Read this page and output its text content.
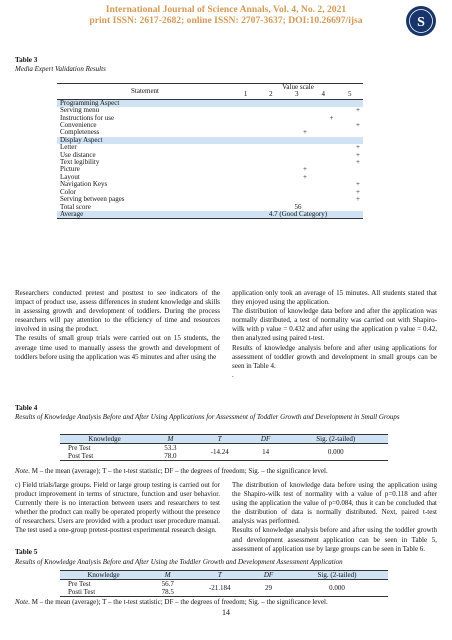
International Journal of Science Annals, Vol. 4, No. 2, 2021
print ISSN: 2617-2682; online ISSN: 2707-3637; DOI:10.26697/ijsa	S
Table 3
Media Expert Validation Results
Statement	Value scale				
	1	2	3	4	5
Programming Aspect					
Serving menu					+
Instructions for use				+	
Convenience					+
Completeness			+		
Display Aspect					
Letter					+
Use distance					+
Text legibility					+
Picture			+		
Layout			+		
Navigation Keys					+
Color					+
Serving between pages					+
Total score	56				
Average	4.7 (Good Category)				

Researchers conducted pretest and posttest to see indicators of the impact of product use, assess differences in student knowledge and skills in assessing growth and development of toddlers. During the process researchers will pay attention to the efficiency of time and resources involved in using the product.
The results of small group trials were carried out on 15 students, the average time used to manually assess the growth and development of toddlers before using the application was 45 minutes and after using the

application only took an average of 15 minutes. All students stated that they enjoyed using the application.
The distribution of knowledge data before and after the application was normally distributed, a test of normality was carried out with Shapiro-wilk with p value = 0.432 and after using the application p value = 0.42, then analyzed using paired t-test.
Results of knowledge analysis before and after using applications for assessment of toddler growth and development in small groups can be seen in Table 4.
.

Table 4
Results of Knowledge Analysis Before and After Using Applications for Assessment of Toddler Growth and Development in Small Groups
Knowledge	M	T	DF	Sig. (2-tailed)
Pre Test	53.3	-14.24	14	0.000
Post Test	78.0			
Note. M – the mean (average); T – the t-test statistic; DF – the degrees of freedom; Sig. – the significance level.

c) Field trials/large groups. Field or large group testing is carried out for product improvement in terms of structure, function and user behavior. Currently there is no interaction between users and researchers to test whether the product can really be operated properly without the presence of researchers. Users are provided with a product user procedure manual. The test used a one-group pretest-posttest experimental research design.

The distribution of knowledge data before using the application using the Shapiro-wilk test of normality with a value of p=0.118 and after using the application the value of p=0.084, thus it can be concluded that the distribution of data is normally distributed. Next, paired t-test analysis was performed.
Results of knowledge analysis before and after using the toddler growth and development assessment application can be seen in Table 5, assessment of application use by large groups can be seen in Table 6.

Table 5
Results of Knowledge Analysis Before and After Using the Toddler Growth and Development Assessment Application
Knowledge	M	T	DF	Sig. (2-tailed)
Pre Test	56.7	-21.184	29	0.000
Posti Test	78.5			
Note. M – the mean (average); T – the t-test statistic; DF – the degrees of freedom; Sig. – the significance level.
14
